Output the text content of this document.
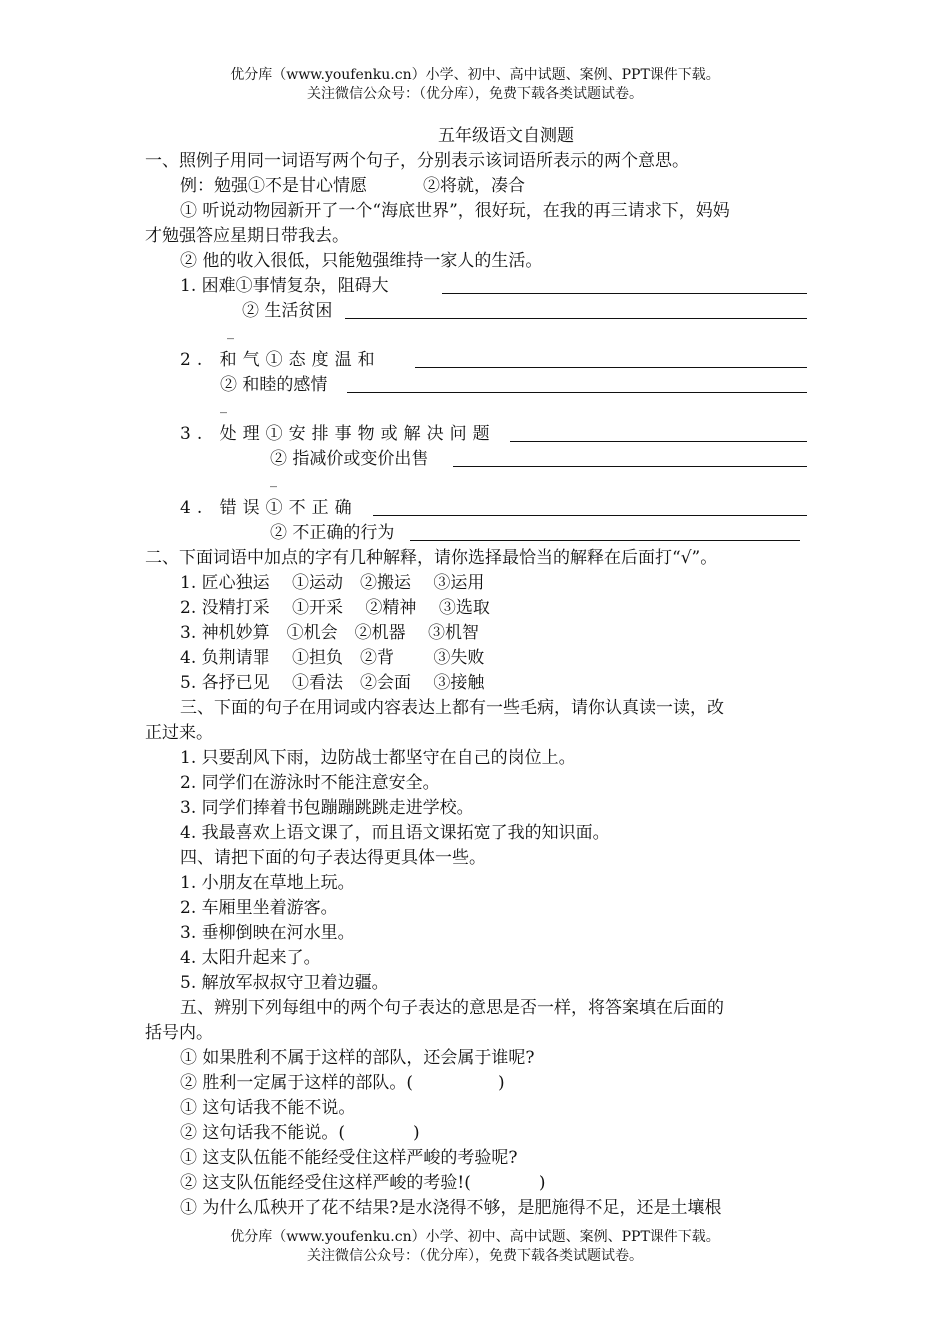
优分库（www.youfenku.cn）小学、初中、高中试题、案例、PPT课件下载。
关注微信公众号：（优分库），免费下载各类试题试卷。
五年级语文自测题
一、照例子用同一词语写两个句子，分别表示该词语所表示的两个意思。
例：勉强①不是甘心情愿	②将就，凑合
① 听说动物园新开了一个“海底世界”，很好玩，在我的再三请求下，妈妈
才勉强答应星期日带我去。
② 他的收入很低，只能勉强维持一家人的生活。
1. 困难①事情复杂，阻碍大
② 生活贫困
_
2. 和气①态度温和
② 和睦的感情
_
3. 处理①安排事物或解决问题
② 指减价或变价出售
_
4. 错误①不正确
② 不正确的行为
二、下面词语中加点的字有几种解释，请你选择最恰当的解释在后面打“√”。
1. 匠心独运　 ①运动　②搬运　 ③运用
2. 没精打采　 ①开采　 ②精神　 ③选取
3. 神机妙算　①机会　②机器　 ③机智
4. 负荆请罪　 ①担负　②背　　 ③失败
5. 各抒已见　 ①看法　②会面　 ③接触
三、下面的句子在用词或内容表达上都有一些毛病，请你认真读一读，改
正过来。
1. 只要刮风下雨，边防战士都坚守在自己的岗位上。
2. 同学们在游泳时不能注意安全。
3. 同学们捧着书包蹦蹦跳跳走进学校。
4. 我最喜欢上语文课了，而且语文课拓宽了我的知识面。
四、请把下面的句子表达得更具体一些。
1. 小朋友在草地上玩。
2. 车厢里坐着游客。
3. 垂柳倒映在河水里。
4. 太阳升起来了。
5. 解放军叔叔守卫着边疆。
五、辨别下列每组中的两个句子表达的意思是否一样，将答案填在后面的
括号内。
① 如果胜利不属于这样的部队，还会属于谁呢?
② 胜利一定属于这样的部队。(　　　　　)
① 这句话我不能不说。
② 这句话我不能说。(　　　　)
① 这支队伍能不能经受住这样严峻的考验呢?
② 这支队伍能经受住这样严峻的考验!(　　　　)
① 为什么瓜秧开了花不结果?是水浇得不够，是肥施得不足，还是土壤根
优分库（www.youfenku.cn）小学、初中、高中试题、案例、PPT课件下载。
关注微信公众号：（优分库），免费下载各类试题试卷。
